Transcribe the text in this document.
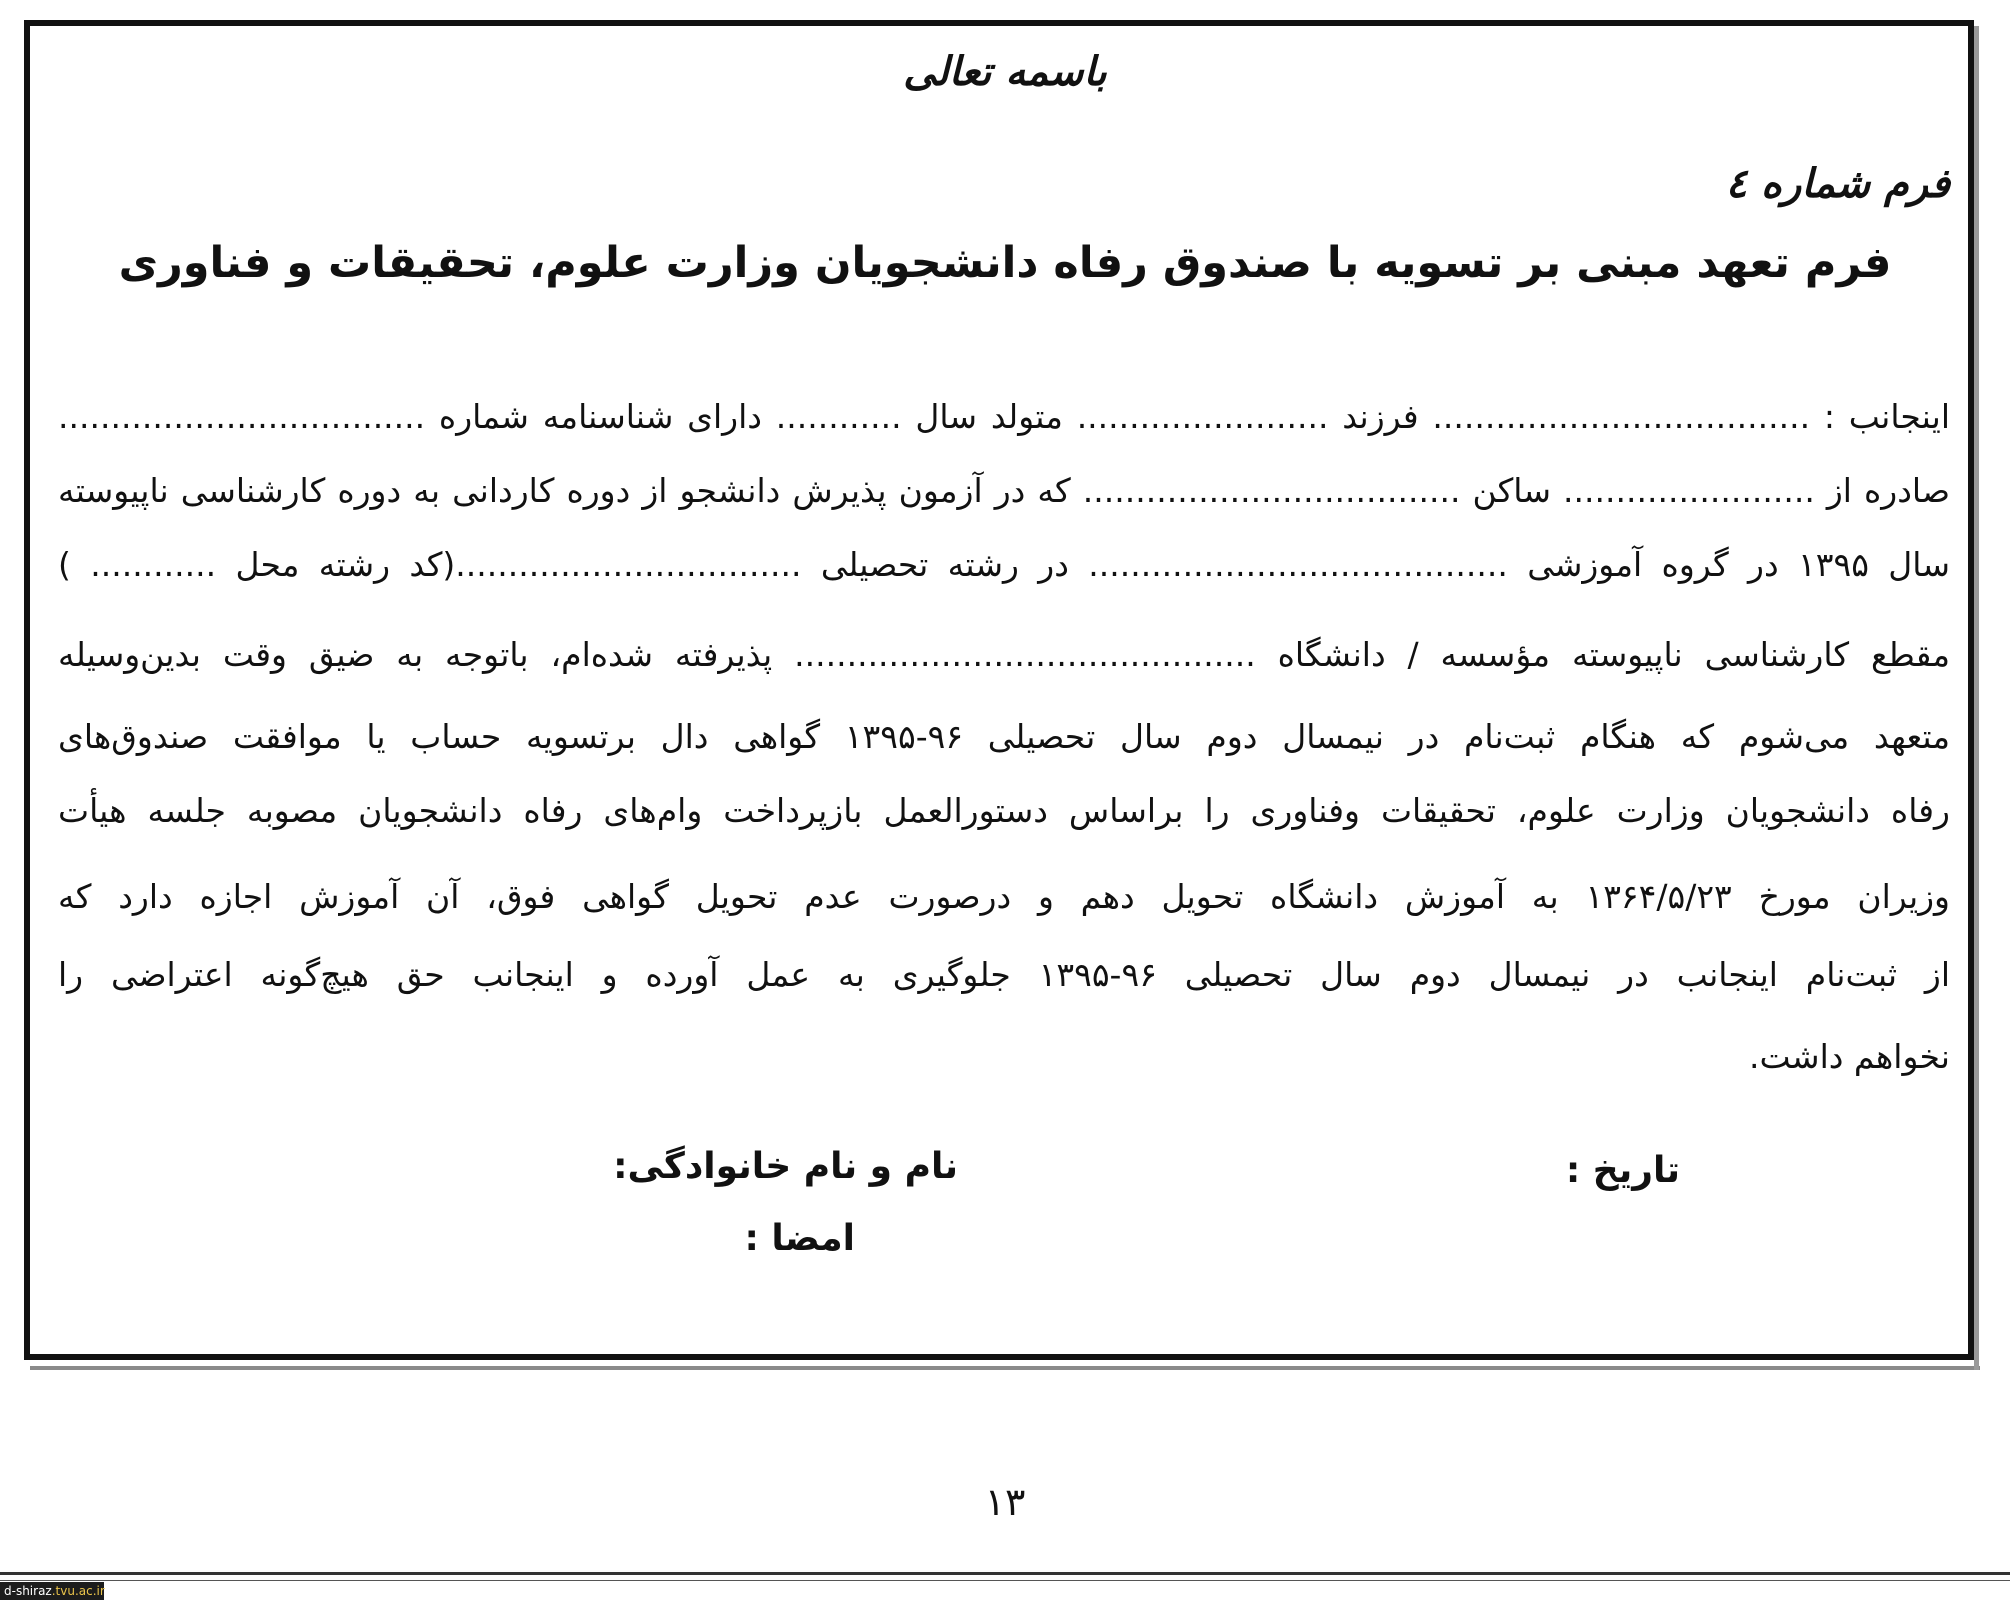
باسمه تعالی
فرم شماره ٤
فرم تعهد مبنی بر تسویه با صندوق رفاه دانشجویان وزارت علوم، تحقیقات و فناوری
اینجانب : .................................... فرزند ........................ متولد سال ............ دارای شناسنامه شماره ...................................
صادره از ........................ ساکن .................................... که در آزمون پذیرش دانشجو از دوره کاردانی به دوره کارشناسی ناپیوسته
سال ۱۳۹۵ در گروه آموزشی ........................................ در رشته تحصیلی .................................(کد رشته محل ............ )
مقطع کارشناسی ناپیوسته مؤسسه / دانشگاه ............................................ پذیرفته شده‌ام، باتوجه به ضیق وقت بدین‌وسیله
متعهد می‌شوم که هنگام ثبت‌نام در نیمسال دوم سال تحصیلی ۹۶-۱۳۹۵ گواهی دال برتسویه حساب یا موافقت صندوق‌های
رفاه دانشجویان وزارت علوم، تحقیقات وفناوری را براساس دستورالعمل بازپرداخت وام‌های رفاه دانشجویان مصوبه جلسه هیأت
وزیران مورخ ۱۳۶۴/۵/۲۳ به آموزش دانشگاه تحویل دهم و درصورت عدم تحویل گواهی فوق، آن آموزش اجازه دارد که
از ثبت‌نام اینجانب در نیمسال دوم سال تحصیلی ۹۶-۱۳۹۵ جلوگیری به عمل آورده و اینجانب حق هیچ‌گونه اعتراضی را
نخواهم داشت.
تاریخ :
نام و نام خانوادگی:
امضا :
۱۳
d-shiraz.tvu.ac.ir
